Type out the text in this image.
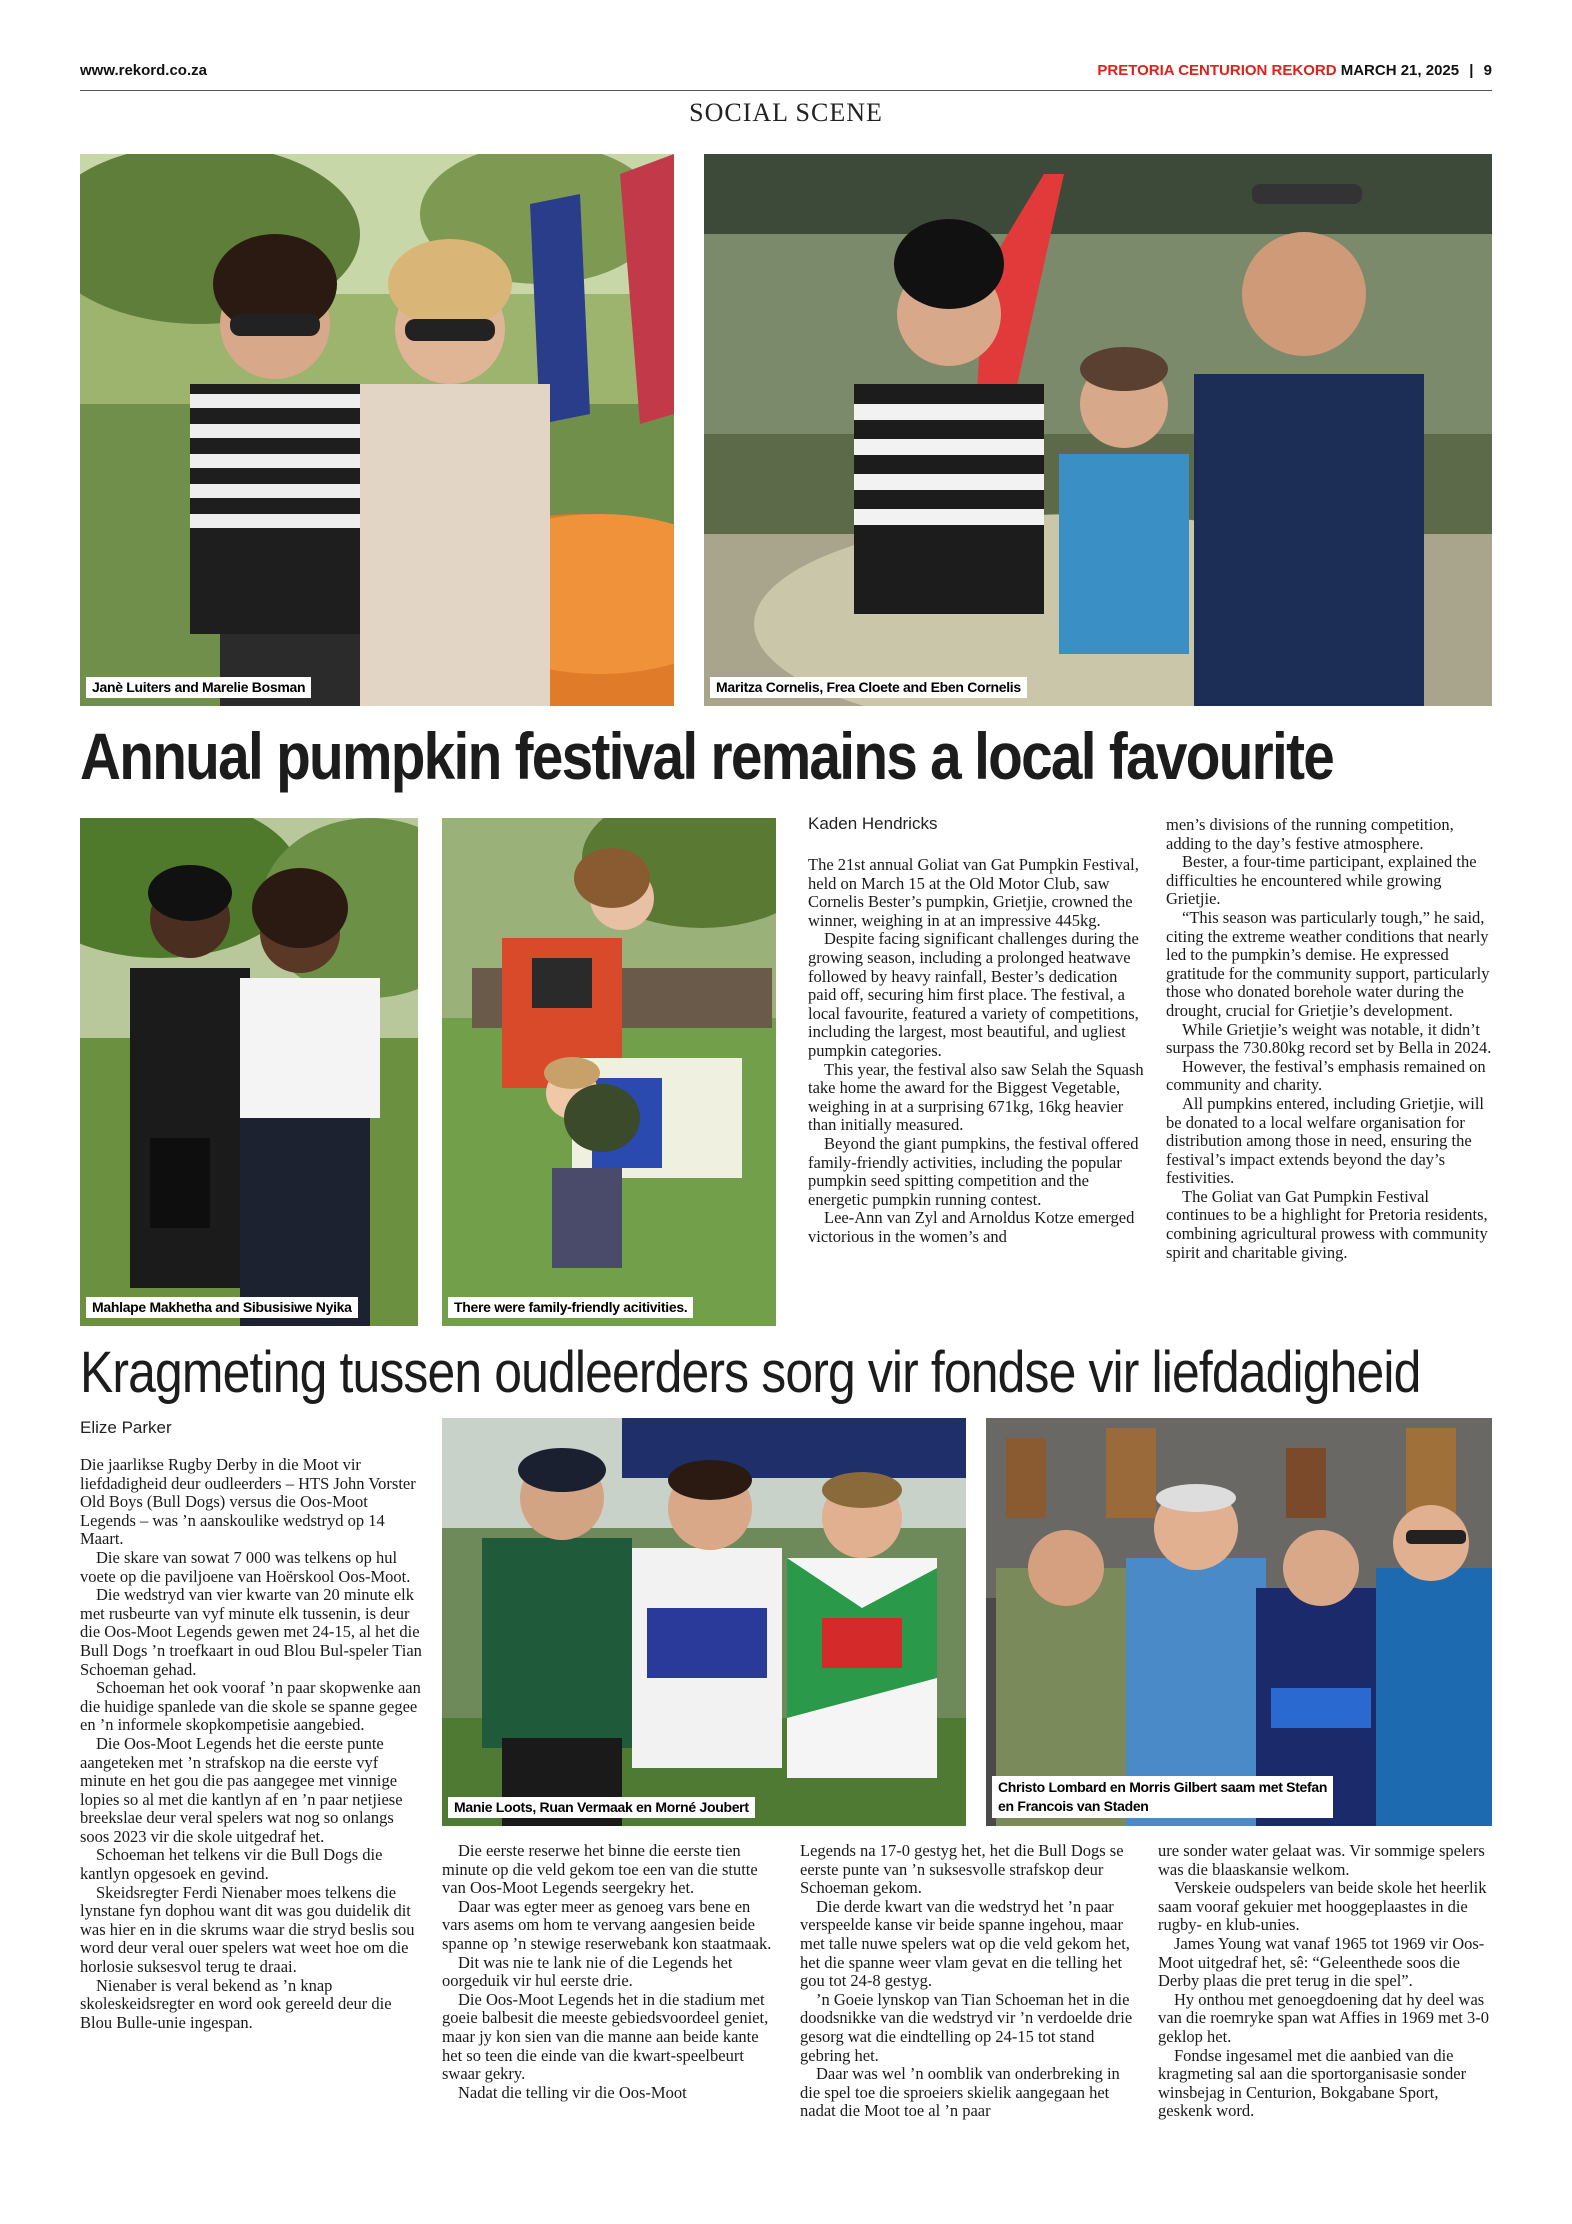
www.rekord.co.za	PRETORIA CENTURION REKORD MARCH 21, 2025 | 9
SOCIAL SCENE
Janè Luiters and Marelie Bosman	Maritza Cornelis, Frea Cloete and Eben Cornelis
Annual pumpkin festival remains a local favourite
Mahlape Makhetha and Sibusisiwe Nyika	There were family-friendly acitivities.
Kaden Hendricks

The 21st annual Goliat van Gat Pumpkin Festival, held on March 15 at the Old Motor Club, saw Cornelis Bester’s pumpkin, Grietjie, crowned the winner, weighing in at an impressive 445kg.

Despite facing significant challenges during the growing season, including a prolonged heatwave followed by heavy rainfall, Bester’s dedication paid off, securing him first place. The festival, a local favourite, featured a variety of competitions, including the largest, most beautiful, and ugliest pumpkin categories.

This year, the festival also saw Selah the Squash take home the award for the Biggest Vegetable, weighing in at a surprising 671kg, 16kg heavier than initially measured.

Beyond the giant pumpkins, the festival offered family-friendly activities, including the popular pumpkin seed spitting competition and the energetic pumpkin running contest.

Lee-Ann van Zyl and Arnoldus Kotze emerged victorious in the women’s and

men’s divisions of the running competition, adding to the day’s festive atmosphere.

Bester, a four-time participant, explained the difficulties he encountered while growing Grietjie.

“This season was particularly tough,” he said, citing the extreme weather conditions that nearly led to the pumpkin’s demise. He expressed gratitude for the community support, particularly those who donated borehole water during the drought, crucial for Grietjie’s development.

While Grietjie’s weight was notable, it didn’t surpass the 730.80kg record set by Bella in 2024.

However, the festival’s emphasis remained on community and charity.

All pumpkins entered, including Grietjie, will be donated to a local welfare organisation for distribution among those in need, ensuring the festival’s impact extends beyond the day’s festivities.

The Goliat van Gat Pumpkin Festival continues to be a highlight for Pretoria residents, combining agricultural prowess with community spirit and charitable giving.

Kragmeting tussen oudleerders sorg vir fondse vir liefdadigheid
Elize Parker

Die jaarlikse Rugby Derby in die Moot vir liefdadigheid deur oudleerders – HTS John Vorster Old Boys (Bull Dogs) versus die Oos-Moot Legends – was ’n aanskoulike wedstryd op 14 Maart.

Die skare van sowat 7 000 was telkens op hul voete op die paviljoene van Hoërskool Oos-Moot.

Die wedstryd van vier kwarte van 20 minute elk met rusbeurte van vyf minute elk tussenin, is deur die Oos-Moot Legends gewen met 24-15, al het die Bull Dogs ’n troefkaart in oud Blou Bul-speler Tian Schoeman gehad.

Schoeman het ook vooraf ’n paar skopwenke aan die huidige spanlede van die skole se spanne gegee en ’n informele skopkompetisie aangebied.

Die Oos-Moot Legends het die eerste punte aangeteken met ’n strafskop na die eerste vyf minute en het gou die pas aangegee met vinnige lopies so al met die kantlyn af en ’n paar netjiese breekslae deur veral spelers wat nog so onlangs soos 2023 vir die skole uitgedraf het.

Schoeman het telkens vir die Bull Dogs die kantlyn opgesoek en gevind.

Skeidsregter Ferdi Nienaber moes telkens die lynstane fyn dophou want dit was gou duidelik dit was hier en in die skrums waar die stryd beslis sou word deur veral ouer spelers wat weet hoe om die horlosie suksesvol terug te draai.

Nienaber is veral bekend as ’n knap skoleskeidsregter en word ook gereeld deur die Blou Bulle-unie ingespan.

Manie Loots, Ruan Vermaak en Morné Joubert
Christo Lombard en Morris Gilbert saam met Stefan
en Francois van Staden

Die eerste reserwe het binne die eerste tien minute op die veld gekom toe een van die stutte van Oos-Moot Legends seergekry het.

Daar was egter meer as genoeg vars bene en vars asems om hom te vervang aangesien beide spanne op ’n stewige reserwebank kon staatmaak.

Dit was nie te lank nie of die Legends het oorgeduik vir hul eerste drie.

Die Oos-Moot Legends het in die stadium met goeie balbesit die meeste gebiedsvoordeel geniet, maar jy kon sien van die manne aan beide kante het so teen die einde van die kwart-speelbeurt swaar gekry.

Nadat die telling vir die Oos-Moot

Legends na 17-0 gestyg het, het die Bull Dogs se eerste punte van ’n suksesvolle strafskop deur Schoeman gekom.

Die derde kwart van die wedstryd het ’n paar verspeelde kanse vir beide spanne ingehou, maar met talle nuwe spelers wat op die veld gekom het, het die spanne weer vlam gevat en die telling het gou tot 24-8 gestyg.

’n Goeie lynskop van Tian Schoeman het in die doodsnikke van die wedstryd vir ’n verdoelde drie gesorg wat die eindtelling op 24-15 tot stand gebring het.

Daar was wel ’n oomblik van onderbreking in die spel toe die sproeiers skielik aangegaan het nadat die Moot toe al ’n paar

ure sonder water gelaat was. Vir sommige spelers was die blaaskansie welkom.

Verskeie oudspelers van beide skole het heerlik saam vooraf gekuier met hooggeplaastes in die rugby- en klub-unies.

James Young wat vanaf 1965 tot 1969 vir Oos-Moot uitgedraf het, sê: “Geleenthede soos die Derby plaas die pret terug in die spel”.

Hy onthou met genoegdoening dat hy deel was van die roemryke span wat Affies in 1969 met 3-0 geklop het.

Fondse ingesamel met die aanbied van die kragmeting sal aan die sportorganisasie sonder winsbejag in Centurion, Bokgabane Sport, geskenk word.
